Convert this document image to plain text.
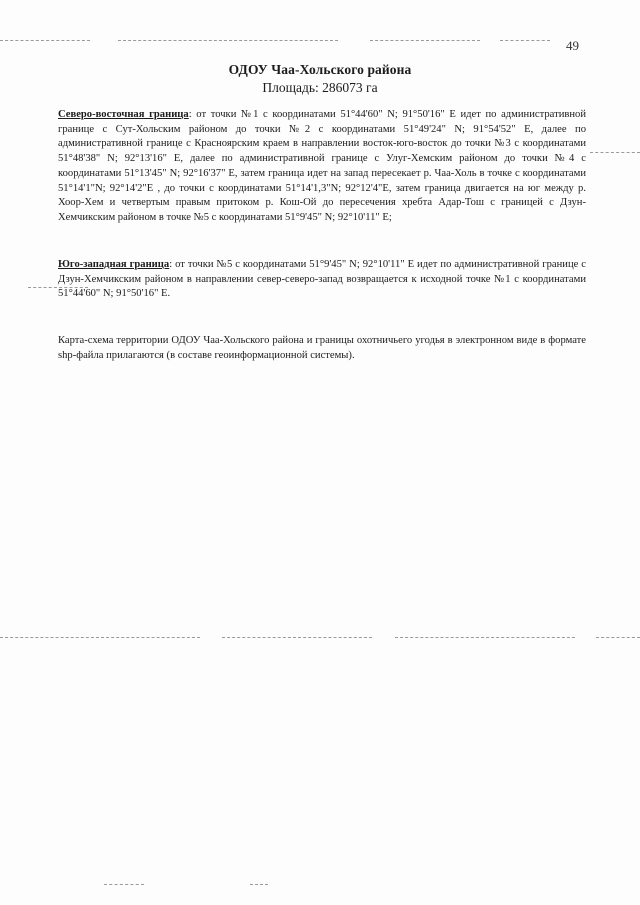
49
ОДОУ Чаа-Хольского района
Площадь: 286073 га

Северо-восточная граница: от точки №1 с координатами 51°44'60" N; 91°50'16" E идет по административной границе с Сут-Хольским районом до точки №2 с координатами 51°49'24" N; 91°54'52" E, далее по административной границе с Красноярским краем в направлении восток-юго-восток до точки №3 с координатами 51°48'38" N; 92°13'16" E, далее по административной границе с Улуг-Хемским районом до точки №4 с координатами 51°13'45" N; 92°16'37" E, затем граница идет на запад пересекает р. Чаа-Холь в точке с координатами 51°14'1"N; 92°14'2"E , до точки с координатами 51°14'1,3"N; 92°12'4"E, затем граница двигается на юг между р. Хоор-Хем и четвертым правым притоком р. Кош-Ой до пересечения хребта Адар-Тош с границей с Дзун-Хемчикским районом в точке №5 с координатами 51°9'45" N; 92°10'11" E;

Юго-западная граница: от точки №5 с координатами 51°9'45" N; 92°10'11" E идет по административной границе с Дзун-Хемчикским районом в направлении север-северо-запад возвращается к исходной точке №1 с координатами 51°44'60" N; 91°50'16" E.

Карта-схема территории ОДОУ Чаа-Хольского района и границы охотничьего угодья в электронном виде в формате shp-файла прилагаются (в составе геоинформационной системы).
